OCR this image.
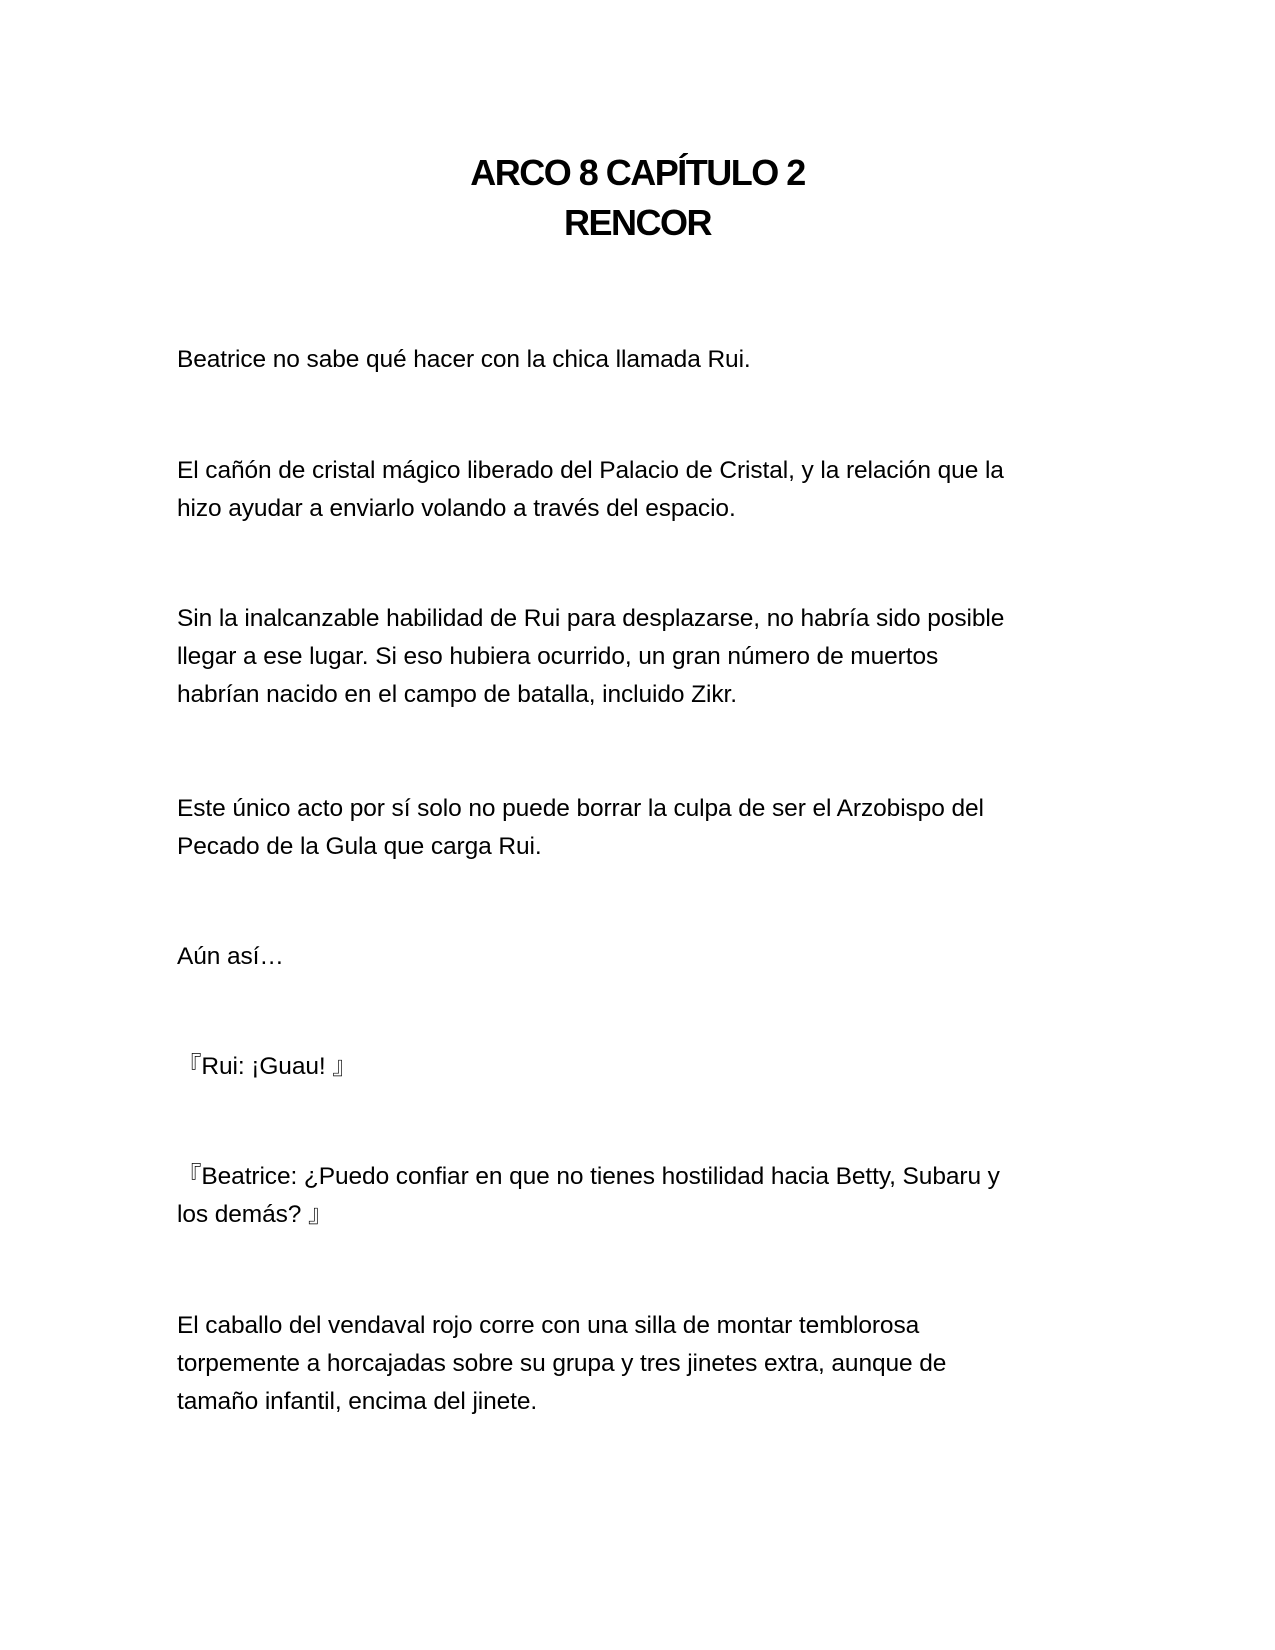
ARCO 8 CAPÍTULO 2
RENCOR

Beatrice no sabe qué hacer con la chica llamada Rui.

El cañón de cristal mágico liberado del Palacio de Cristal, y la relación que la
hizo ayudar a enviarlo volando a través del espacio.

Sin la inalcanzable habilidad de Rui para desplazarse, no habría sido posible
llegar a ese lugar. Si eso hubiera ocurrido, un gran número de muertos
habrían nacido en el campo de batalla, incluido Zikr.

Este único acto por sí solo no puede borrar la culpa de ser el Arzobispo del
Pecado de la Gula que carga Rui.

Aún así…

『Rui: ¡Guau! 』

『Beatrice: ¿Puedo confiar en que no tienes hostilidad hacia Betty, Subaru y
los demás? 』

El caballo del vendaval rojo corre con una silla de montar temblorosa
torpemente a horcajadas sobre su grupa y tres jinetes extra, aunque de
tamaño infantil, encima del jinete.
